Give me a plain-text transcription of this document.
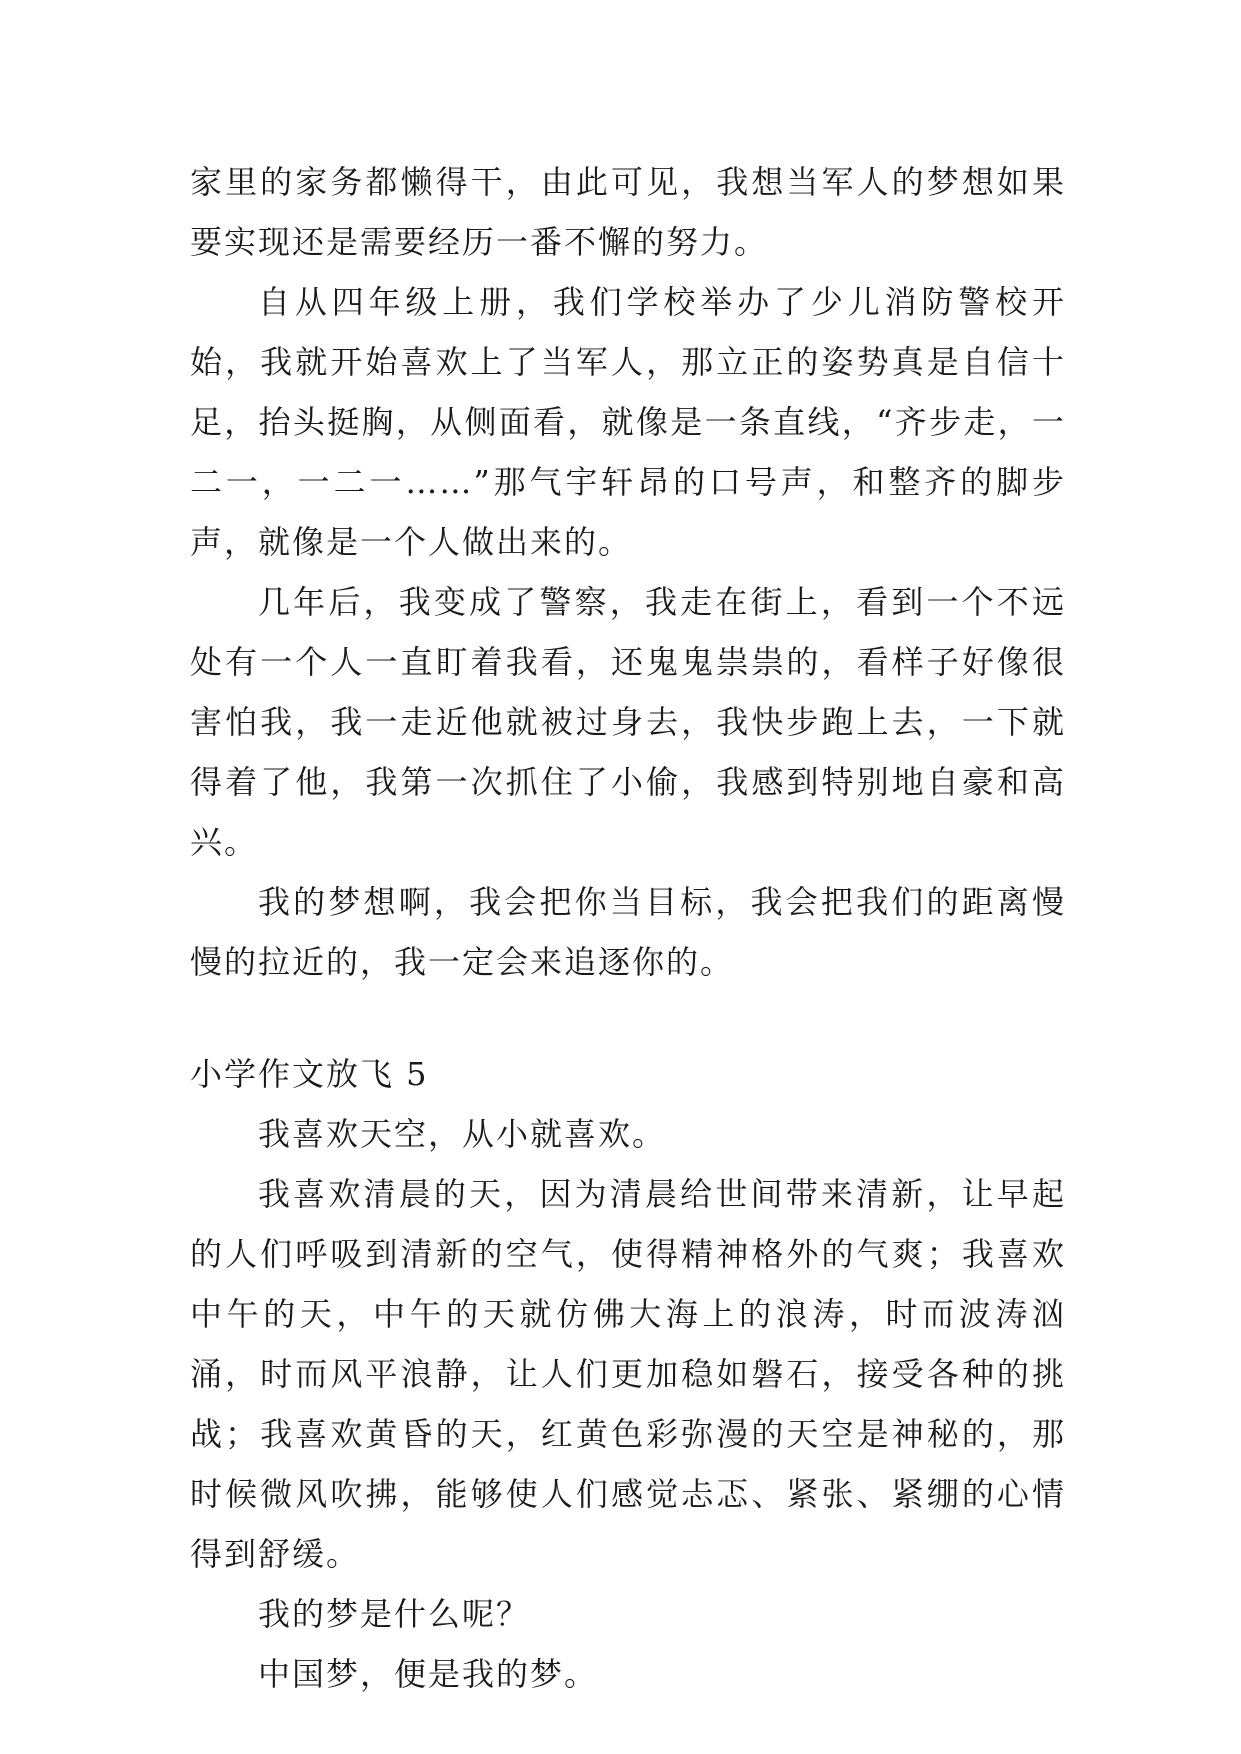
家里的家务都懒得干，由此可见，我想当军人的梦想如果要实现还是需要经历一番不懈的努力。

自从四年级上册，我们学校举办了少儿消防警校开始，我就开始喜欢上了当军人，那立正的姿势真是自信十足，抬头挺胸，从侧面看，就像是一条直线，“齐步走，一二一，一二一……”那气宇轩昂的口号声，和整齐的脚步声，就像是一个人做出来的。

几年后，我变成了警察，我走在街上，看到一个不远处有一个人一直盯着我看，还鬼鬼祟祟的，看样子好像很害怕我，我一走近他就被过身去，我快步跑上去，一下就得着了他，我第一次抓住了小偷，我感到特别地自豪和高兴。

我的梦想啊，我会把你当目标，我会把我们的距离慢慢的拉近的，我一定会来追逐你的。

小学作文放飞 5

我喜欢天空，从小就喜欢。

我喜欢清晨的天，因为清晨给世间带来清新，让早起的人们呼吸到清新的空气，使得精神格外的气爽；我喜欢中午的天，中午的天就仿佛大海上的浪涛，时而波涛汹涌，时而风平浪静，让人们更加稳如磐石，接受各种的挑战；我喜欢黄昏的天，红黄色彩弥漫的天空是神秘的，那时候微风吹拂，能够使人们感觉忐忑、紧张、紧绷的心情得到舒缓。

我的梦是什么呢？

中国梦，便是我的梦。
